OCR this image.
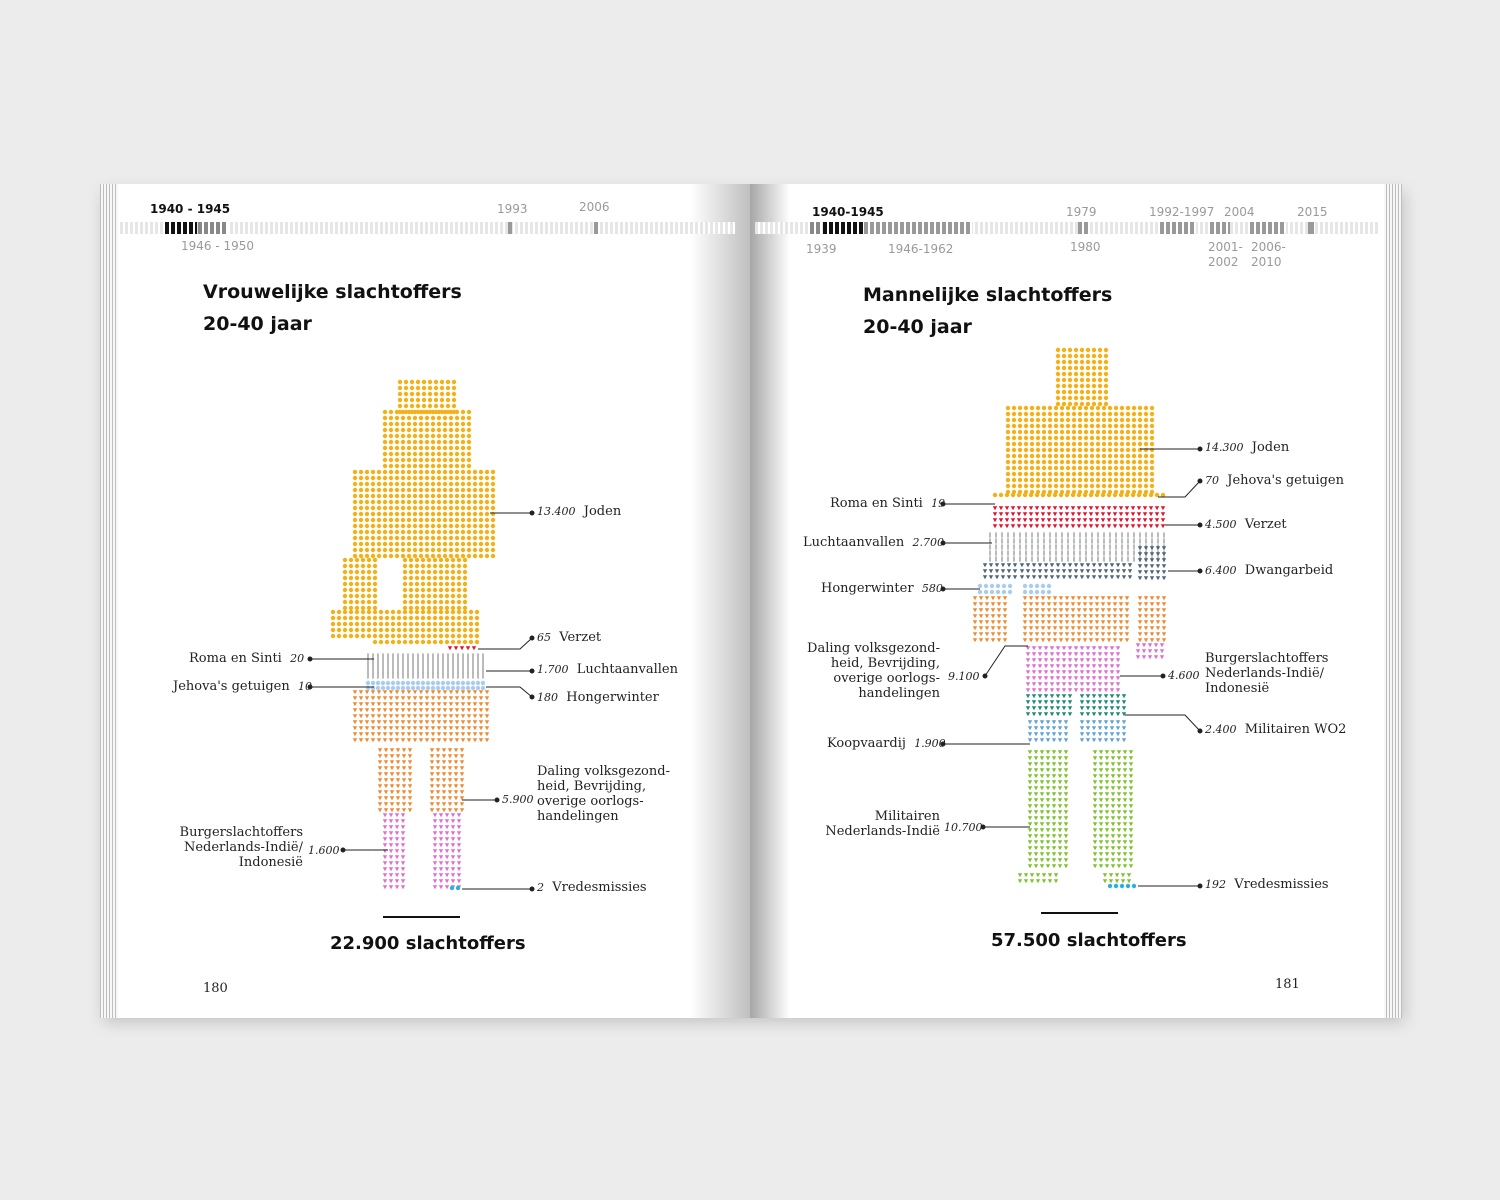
1940 - 1945
1946 - 1950
1993	2006	1940-1945
1939	1946-1962
1979
1980
1992-1997
2001-2002
2004
2006-2010
2015
Vrouwelijke slachtoffers
20-40 jaar
Mannelijke slachtoffers
20-40 jaar
13.400 Joden
65 Verzet
1.700 Luchtaanvallen
180 Hongerwinter
Roma en Sinti 20
Jehova's getuigen 10
5.900
Daling volksgezond-heid, Bevrijding, overige oorlogs-handelingen
Burgerslachtoffers Nederlands-Indië/ Indonesië
1.600
2 Vredesmissies
14.300 Joden
70 Jehova's getuigen
4.500 Verzet
6.400 Dwangarbeid
4.600
Burgerslachtoffers Nederlands-Indië/ Indonesië
2.400 Militairen WO2
192 Vredesmissies
Roma en Sinti 19
Luchtaanvallen 2.700
Hongerwinter 580
Daling volksgezond-heid, Bevrijding, overige oorlogs-handelingen
9.100
Koopvaardij 1.900
Militairen Nederlands-Indië 10.700
22.900 slachtoffers	57.500 slachtoffers
180	181
